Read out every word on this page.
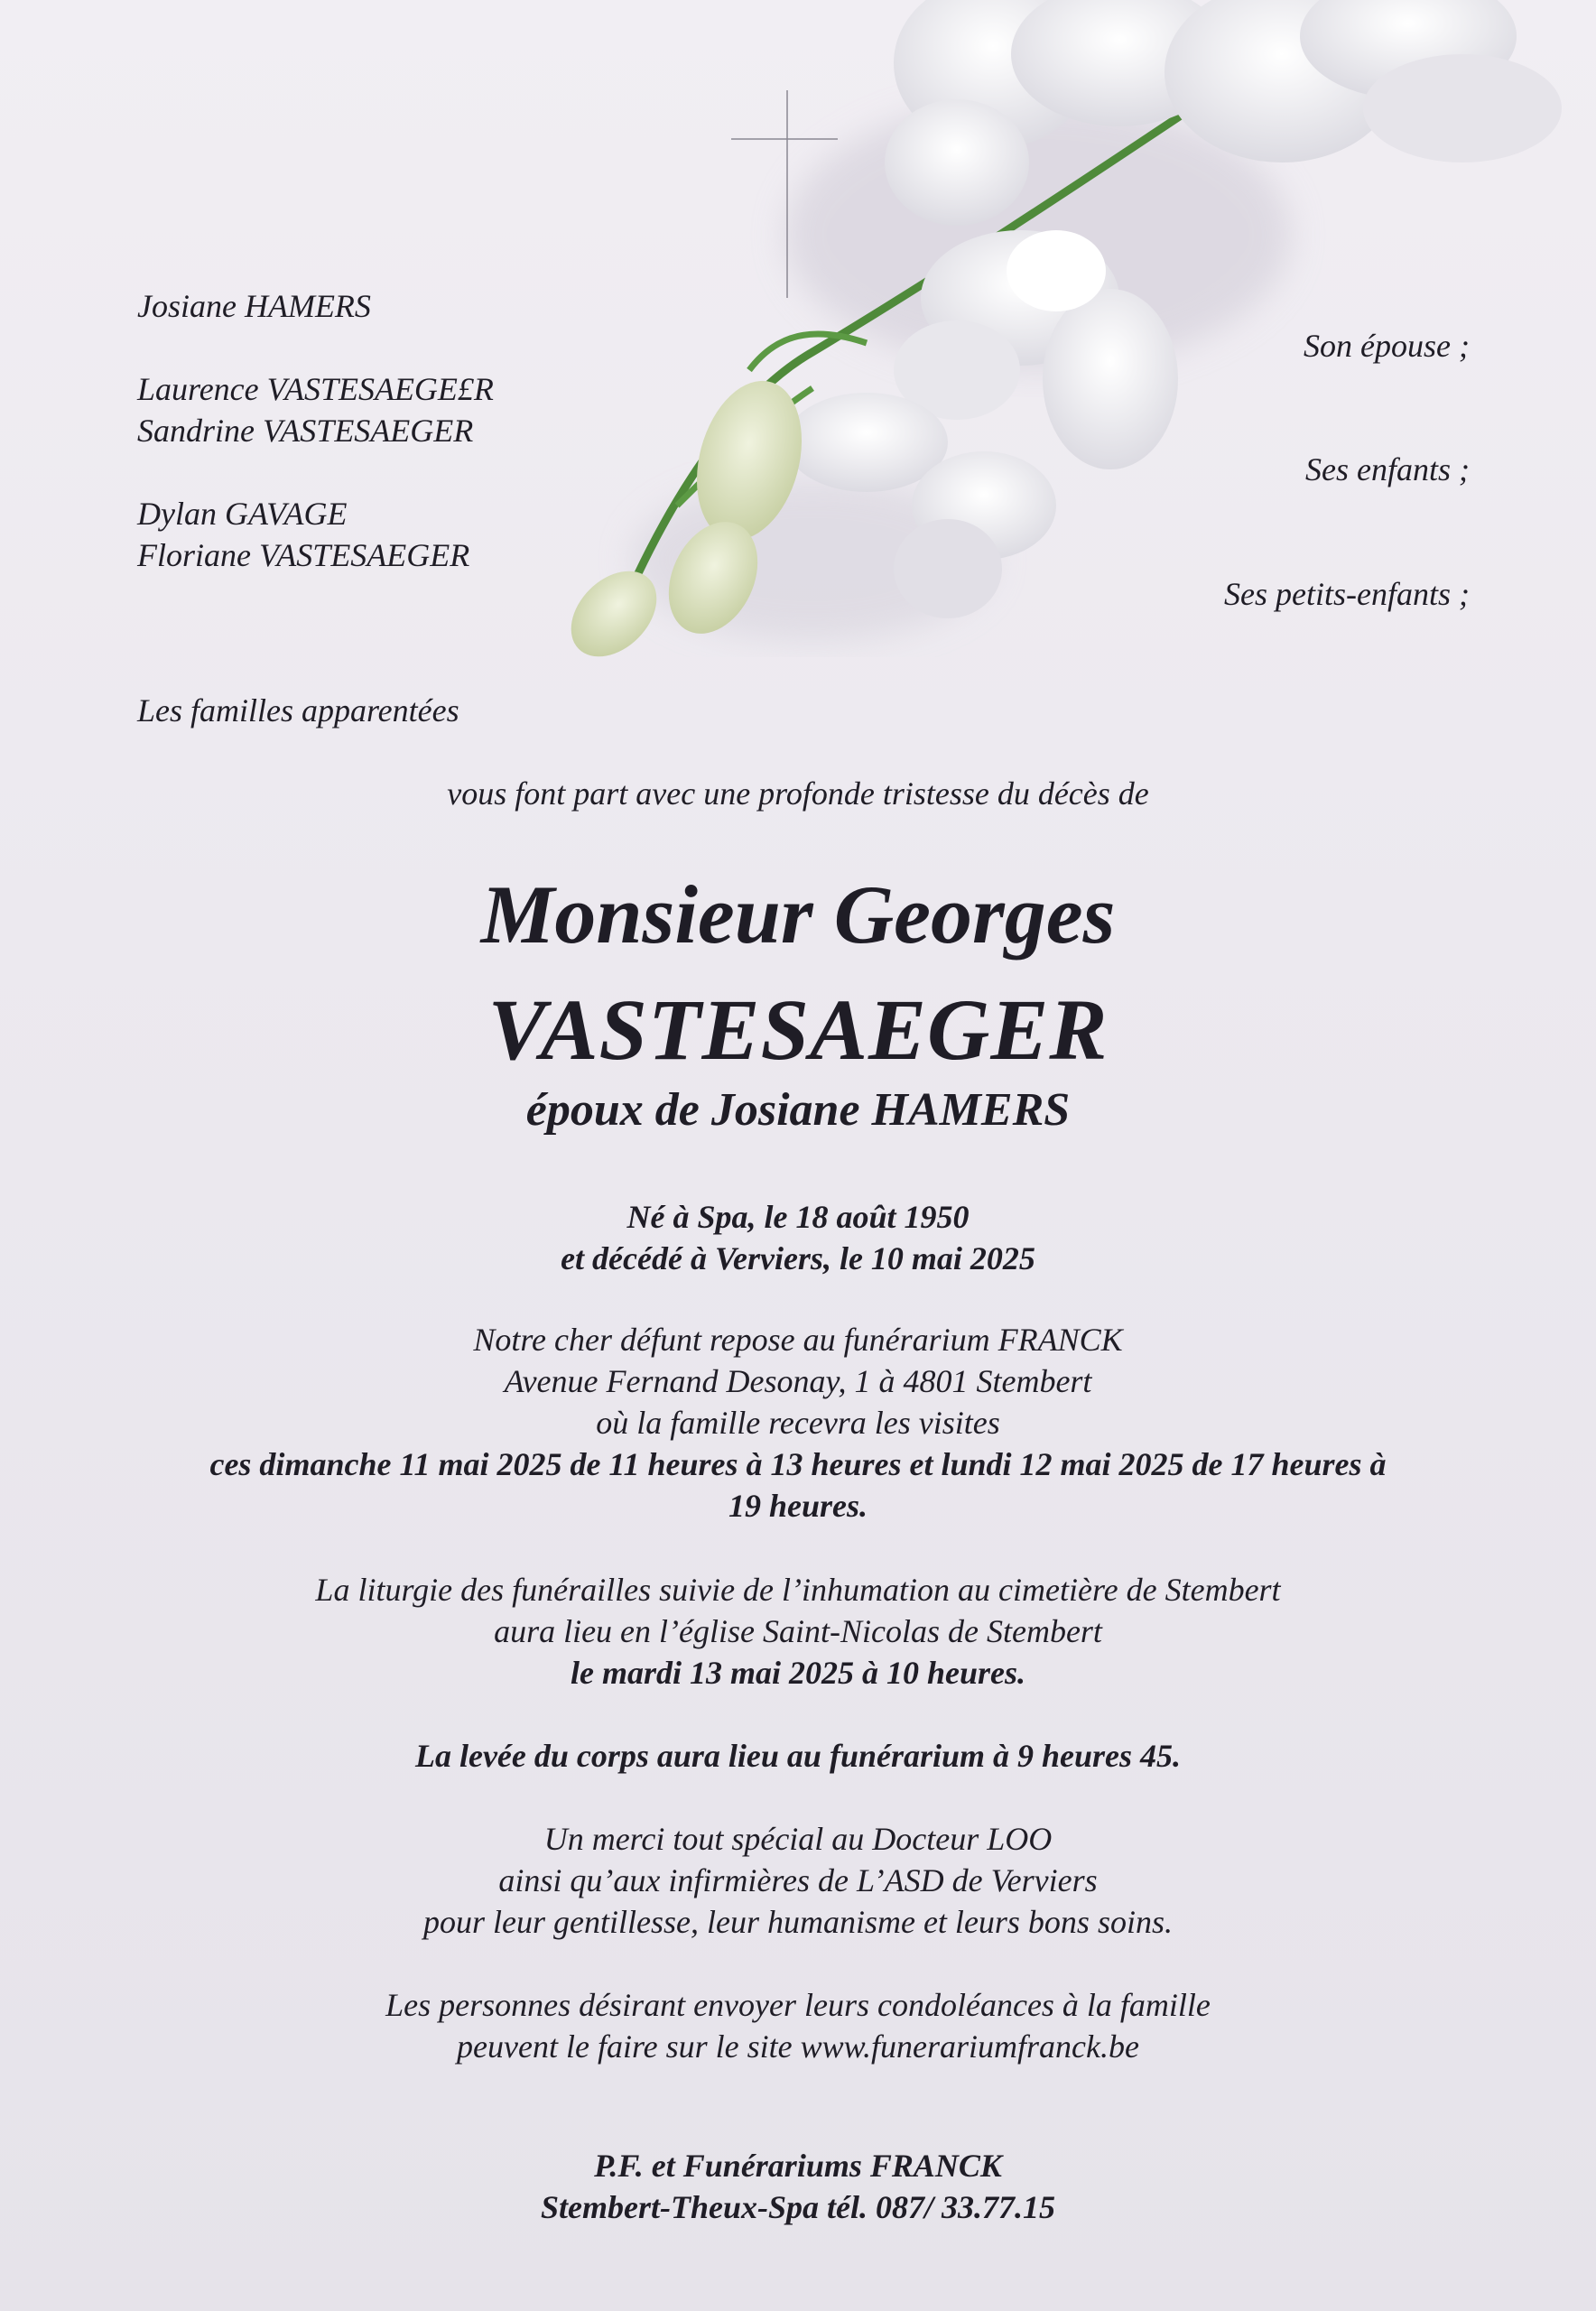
Josiane HAMERS
Laurence VASTESAEGE£R
Sandrine VASTESAEGER
Dylan GAVAGE
Floriane VASTESAEGER
Son épouse ;
Ses enfants ;
Ses petits-enfants ;
Les familles apparentées
vous font part avec une profonde tristesse du décès de
Monsieur Georges
VASTESAEGER
époux de Josiane HAMERS
Né à Spa, le 18 août 1950
et décédé à Verviers, le 10 mai 2025
Notre cher défunt repose au funérarium FRANCK
Avenue Fernand Desonay, 1 à 4801 Stembert
où la famille recevra les visites
ces dimanche 11 mai 2025 de 11 heures à 13 heures et lundi 12 mai 2025 de 17 heures à
19 heures.
La liturgie des funérailles suivie de l’inhumation au cimetière de Stembert
aura lieu en l’église Saint-Nicolas de Stembert
le mardi 13 mai 2025 à 10 heures.
La levée du corps aura lieu au funérarium à 9 heures 45.
Un merci tout spécial au Docteur LOO
ainsi qu’aux infirmières de L’ASD de Verviers
pour leur gentillesse, leur humanisme et leurs bons soins.
Les personnes désirant envoyer leurs condoléances à la famille
peuvent le faire sur le site www.funerariumfranck.be
P.F. et Funérariums FRANCK
Stembert-Theux-Spa tél. 087/ 33.77.15
